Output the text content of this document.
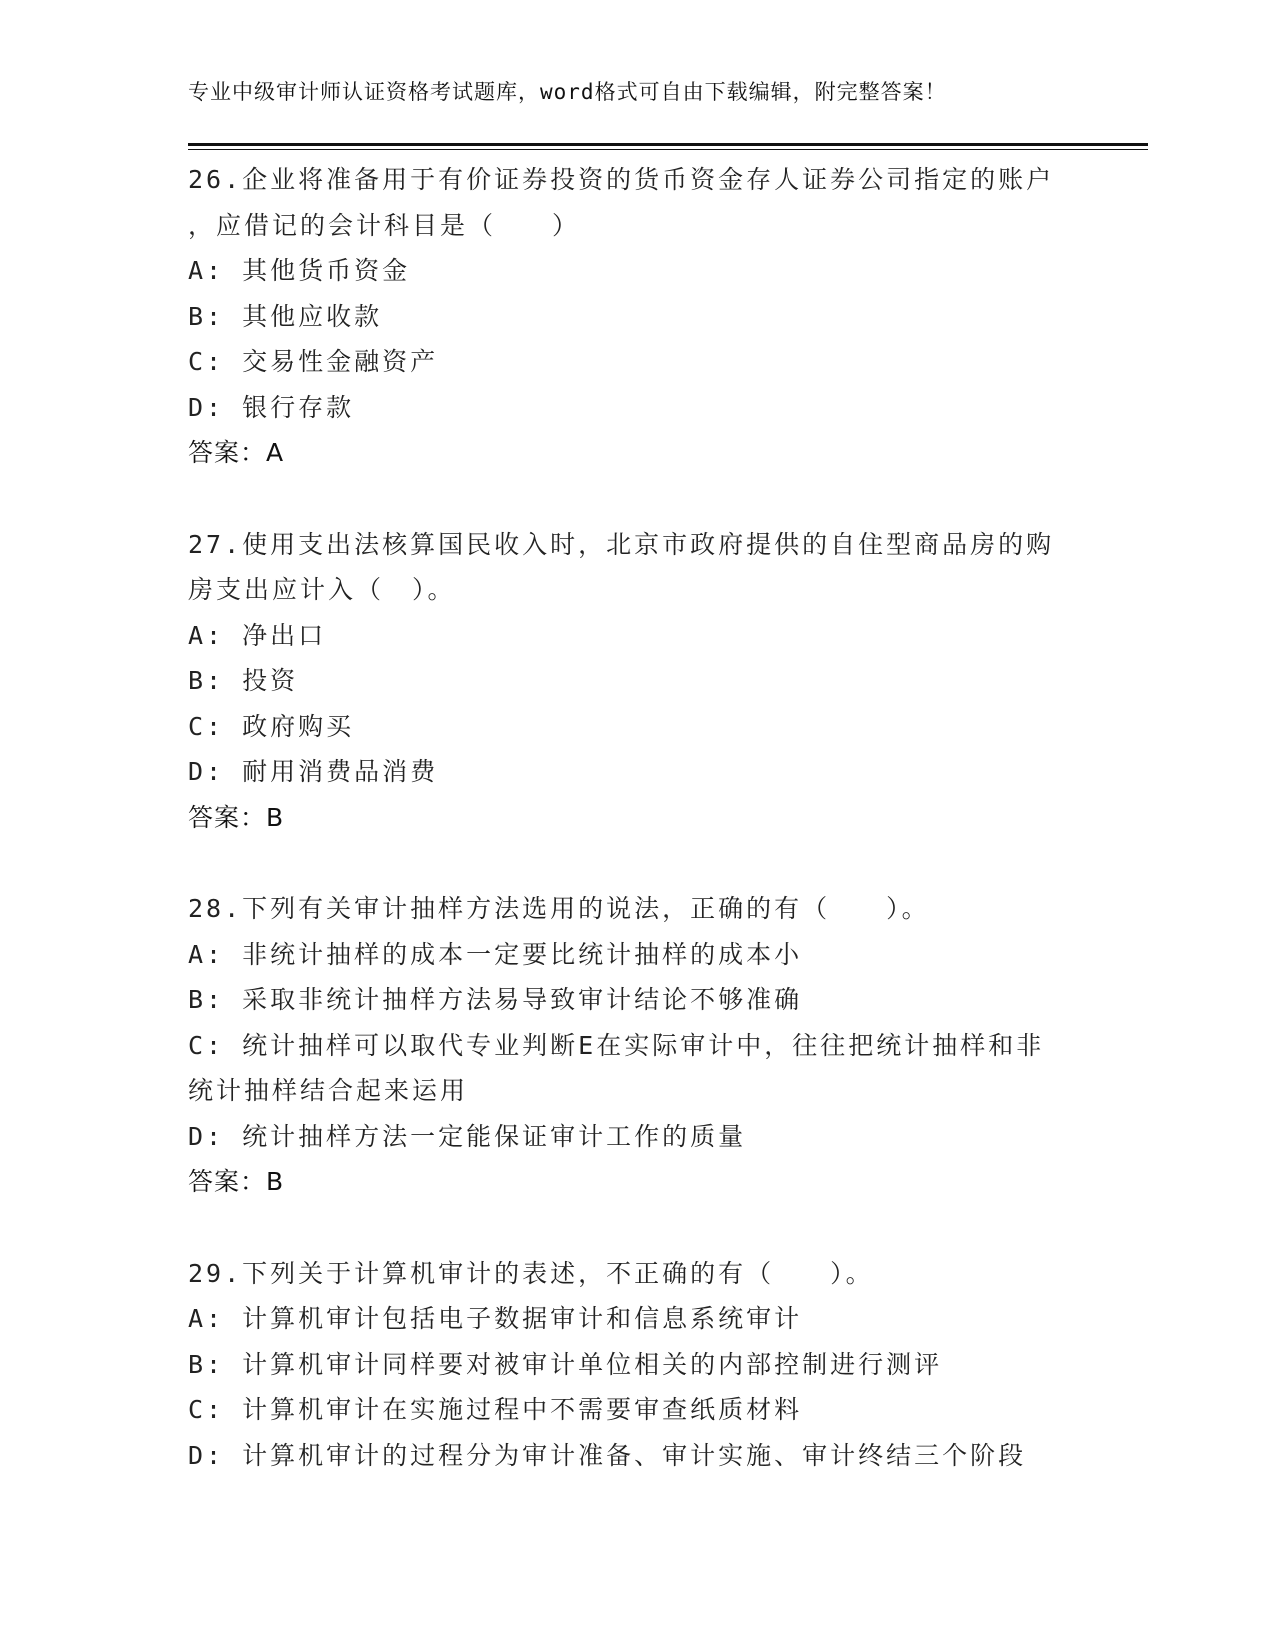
专业中级审计师认证资格考试题库，word格式可自由下载编辑，附完整答案！
26.企业将准备用于有价证券投资的货币资金存人证券公司指定的账户
，应借记的会计科目是（　　）
A: 其他货币资金
B: 其他应收款
C: 交易性金融资产
D: 银行存款
答案：A
27.使用支出法核算国民收入时，北京市政府提供的自住型商品房的购
房支出应计入（　）。
A: 净出口
B: 投资
C: 政府购买
D: 耐用消费品消费
答案：B
28.下列有关审计抽样方法选用的说法，正确的有（　　）。
A: 非统计抽样的成本一定要比统计抽样的成本小
B: 采取非统计抽样方法易导致审计结论不够准确
C: 统计抽样可以取代专业判断E在实际审计中，往往把统计抽样和非
统计抽样结合起来运用
D: 统计抽样方法一定能保证审计工作的质量
答案：B
29.下列关于计算机审计的表述，不正确的有（　　）。
A: 计算机审计包括电子数据审计和信息系统审计
B: 计算机审计同样要对被审计单位相关的内部控制进行测评
C: 计算机审计在实施过程中不需要审查纸质材料
D: 计算机审计的过程分为审计准备、审计实施、审计终结三个阶段
